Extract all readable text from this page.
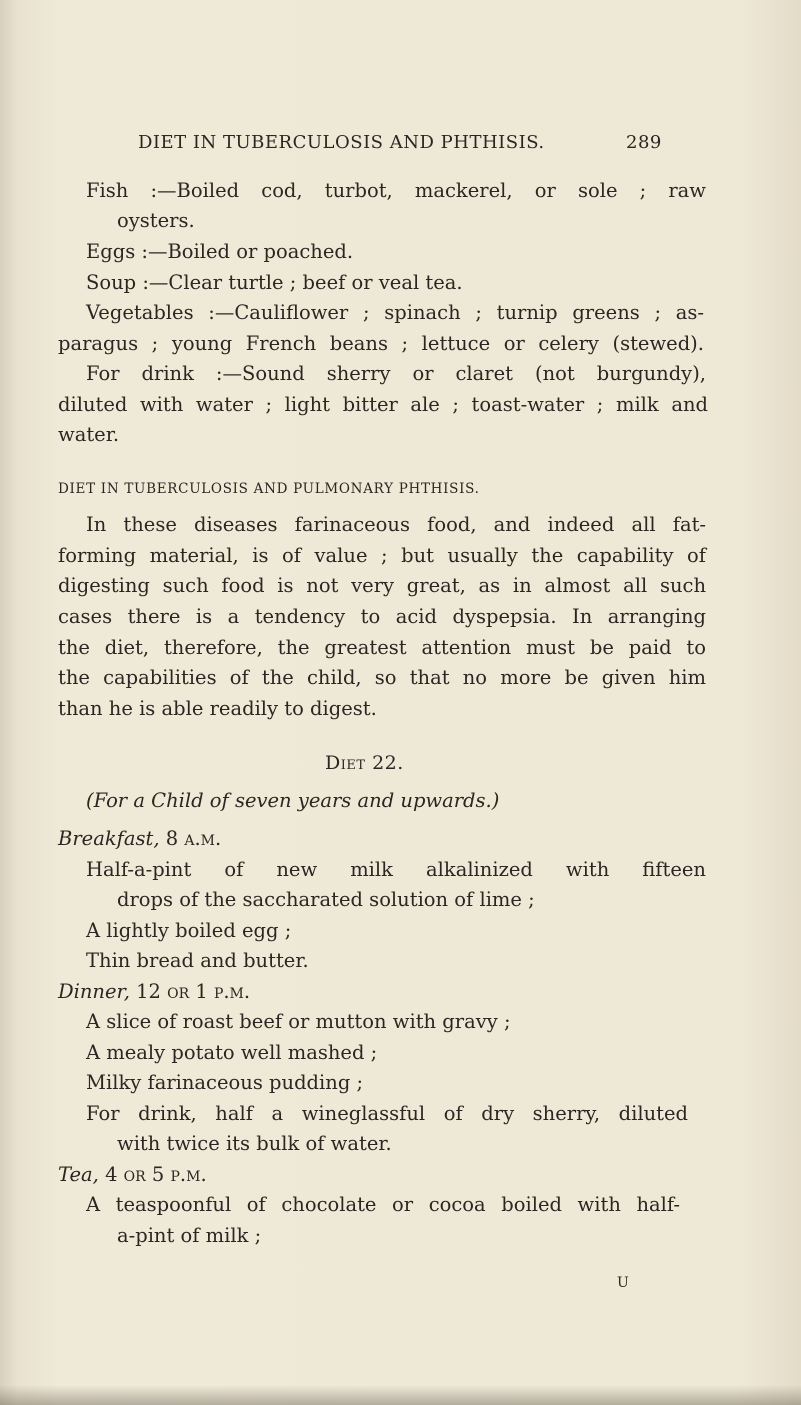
DIET IN TUBERCULOSIS AND PHTHISIS.	289
Fish :—Boiled cod, turbot, mackerel, or sole ; raw
oysters.
Eggs :—Boiled or poached.
Soup :—Clear turtle ; beef or veal tea.
Vegetables :—Cauliflower ; spinach ; turnip greens ; as-
paragus ; young French beans ; lettuce or celery (stewed).
For drink :—Sound sherry or claret (not burgundy),
diluted with water ; light bitter ale ; toast-water ; milk and
water.
DIET IN TUBERCULOSIS AND PULMONARY PHTHISIS.
In these diseases farinaceous food, and indeed all fat-
forming material, is of value ; but usually the capability of
digesting such food is not very great, as in almost all such
cases there is a tendency to acid dyspepsia. In arranging
the diet, therefore, the greatest attention must be paid to
the capabilities of the child, so that no more be given him
than he is able readily to digest.
Diet 22.
(For a Child of seven years and upwards.)
Breakfast, 8 a.m.
Half-a-pint of new milk alkalinized with fifteen
drops of the saccharated solution of lime ;
A lightly boiled egg ;
Thin bread and butter.
Dinner, 12 or 1 p.m.
A slice of roast beef or mutton with gravy ;
A mealy potato well mashed ;
Milky farinaceous pudding ;
For drink, half a wineglassful of dry sherry, diluted
with twice its bulk of water.
Tea, 4 or 5 p.m.
A teaspoonful of chocolate or cocoa boiled with half-
a-pint of milk ;
U
